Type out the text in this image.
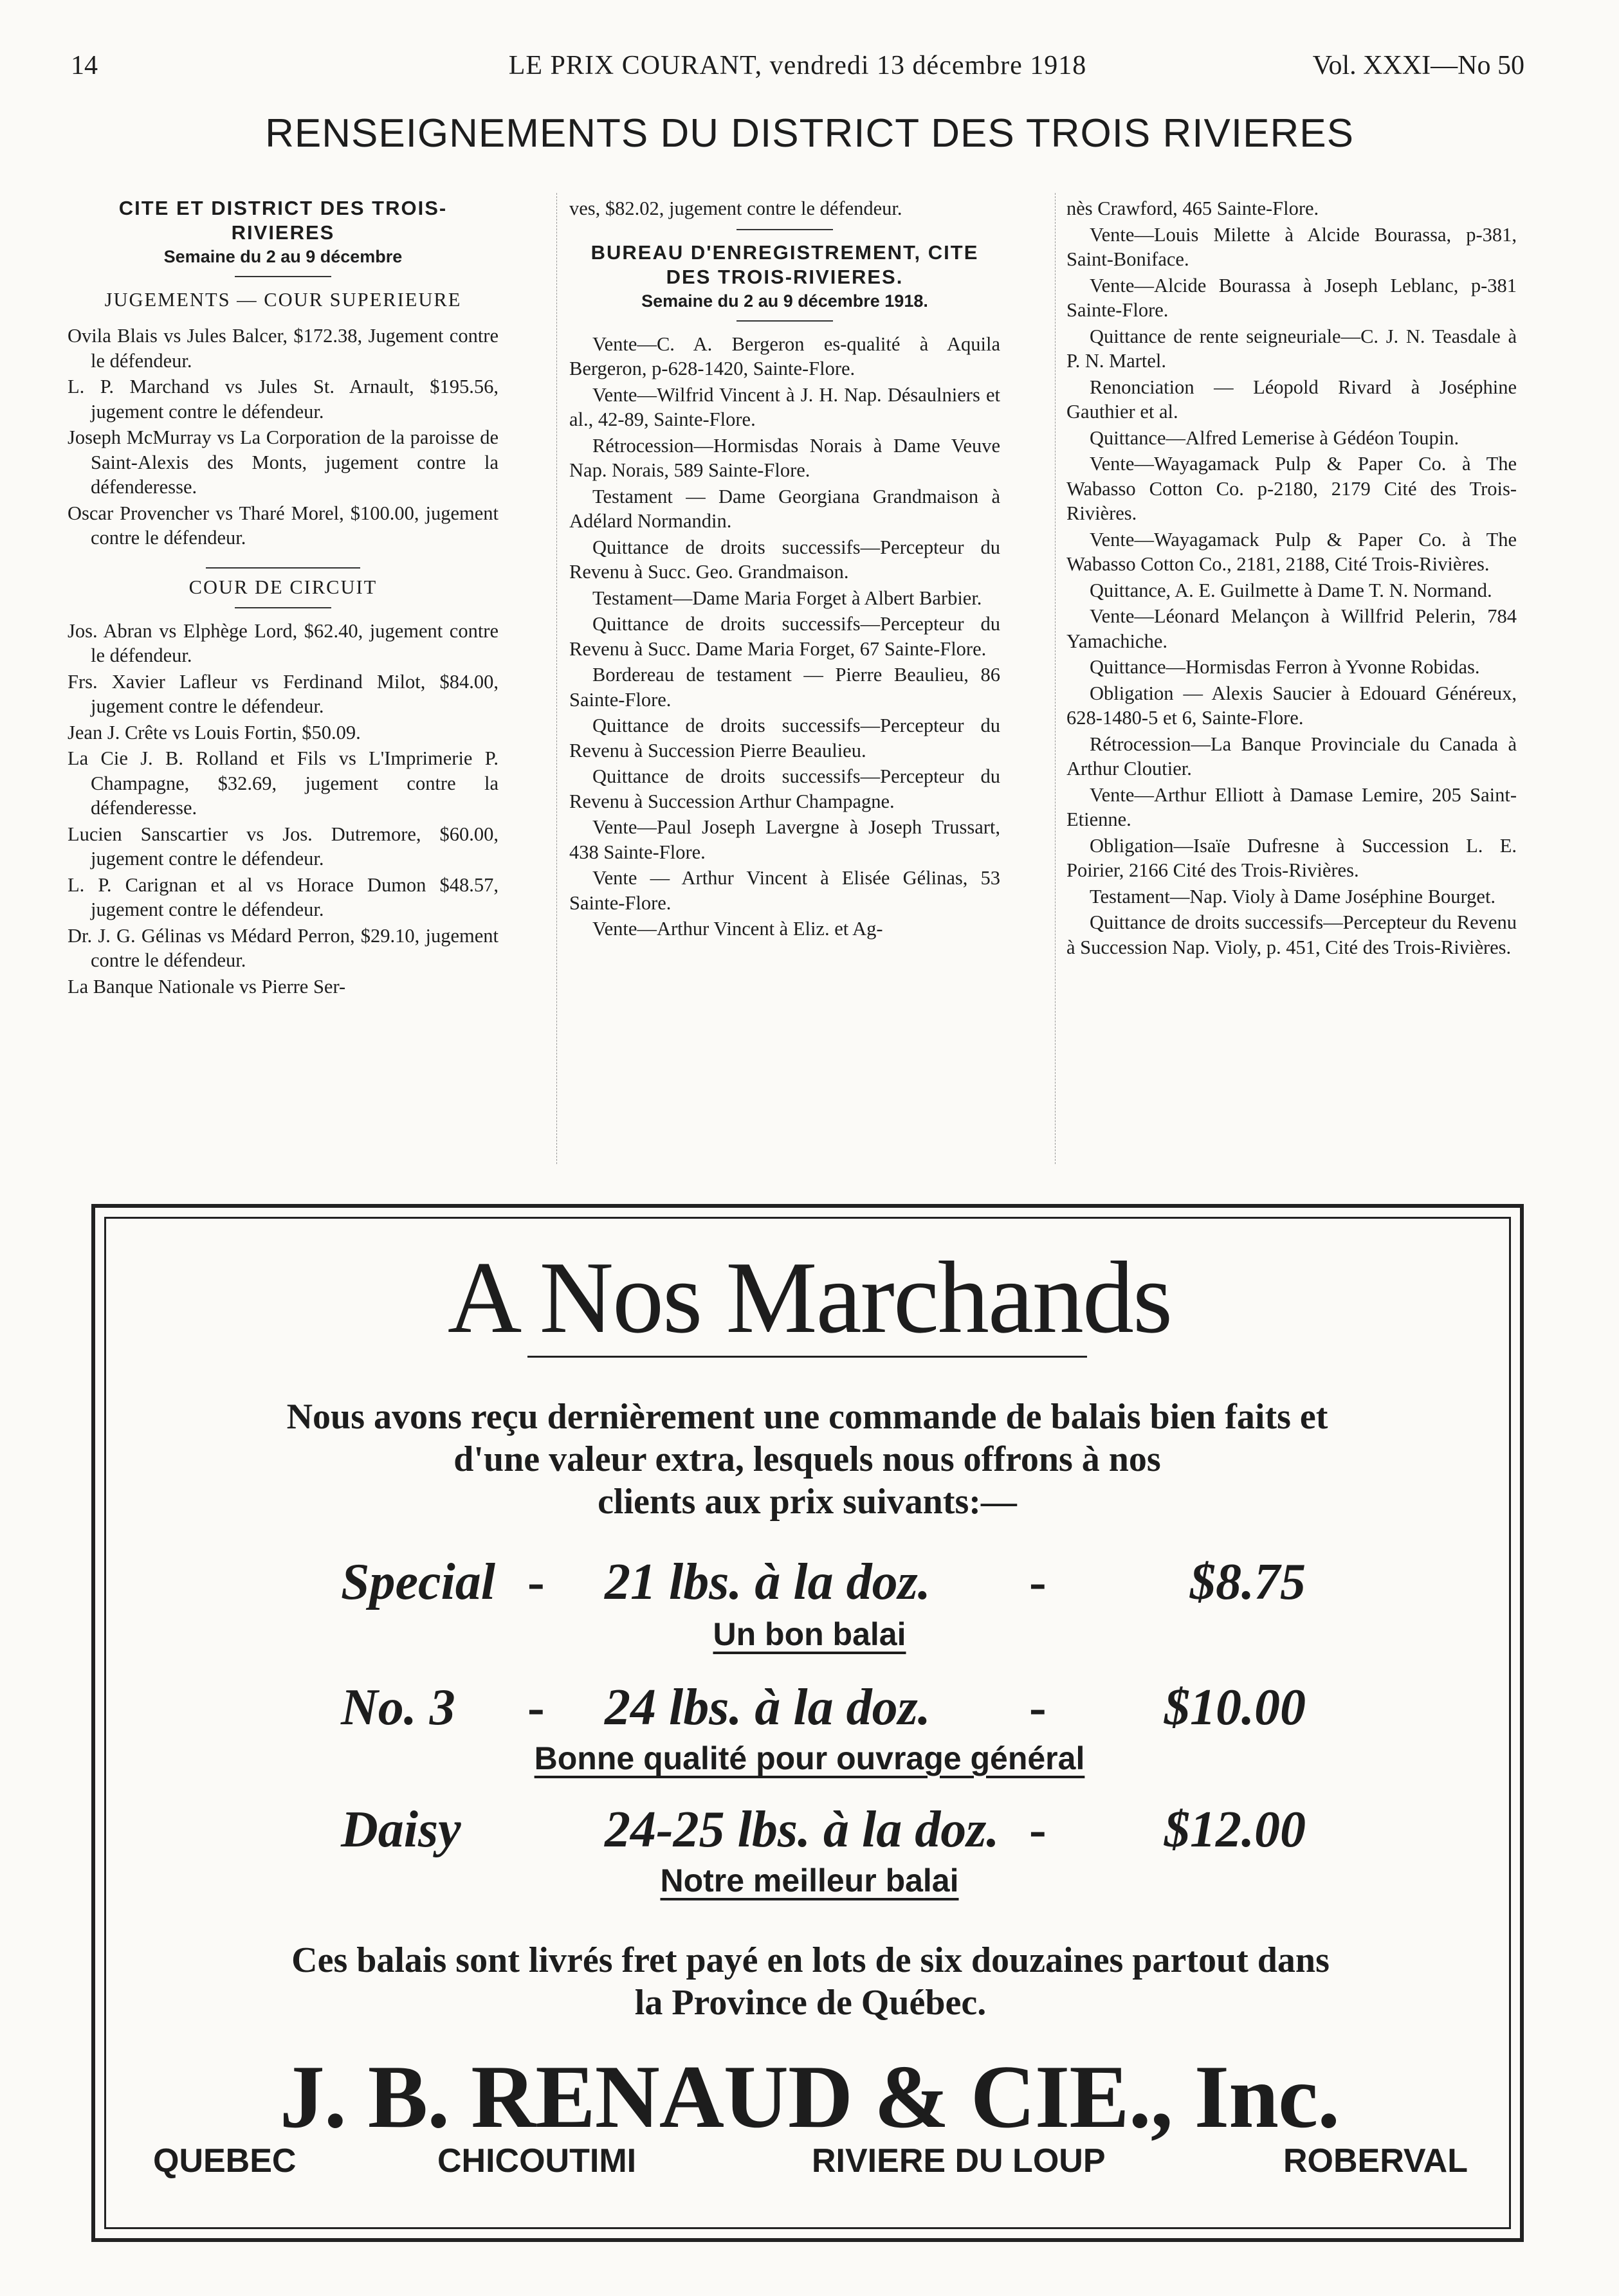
14	LE PRIX COURANT, vendredi 13 décembre 1918	Vol. XXXI—No 50
RENSEIGNEMENTS DU DISTRICT DES TROIS RIVIERES
CITE ET DISTRICT DES TROIS-RIVIERES
Semaine du 2 au 9 décembre
JUGEMENTS — COUR SUPERIEURE

Ovila Blais vs Jules Balcer, $172.38, Jugement contre le défendeur.

L. P. Marchand vs Jules St. Arnault, $195.56, jugement contre le défendeur.

Joseph McMurray vs La Corporation de la paroisse de Saint-Alexis des Monts, jugement contre la défenderesse.

Oscar Provencher vs Tharé Morel, $100.00, jugement contre le défendeur.

COUR DE CIRCUIT

Jos. Abran vs Elphège Lord, $62.40, jugement contre le défendeur.

Frs. Xavier Lafleur vs Ferdinand Milot, $84.00, jugement contre le défendeur.

Jean J. Crête vs Louis Fortin, $50.09.

La Cie J. B. Rolland et Fils vs L'Imprimerie P. Champagne, $32.69, jugement contre la défenderesse.

Lucien Sanscartier vs Jos. Dutremore, $60.00, jugement contre le défendeur.

L. P. Carignan et al vs Horace Dumon $48.57, jugement contre le défendeur.

Dr. J. G. Gélinas vs Médard Perron, $29.10, jugement contre le défendeur.

La Banque Nationale vs Pierre Ser-

ves, $82.02, jugement contre le défendeur.

BUREAU D'ENREGISTREMENT, CITE DES TROIS-RIVIERES.
Semaine du 2 au 9 décembre 1918.

Vente—C. A. Bergeron es-qualité à Aquila Bergeron, p-628-1420, Sainte-Flore.

Vente—Wilfrid Vincent à J. H. Nap. Désaulniers et al., 42-89, Sainte-Flore.

Rétrocession—Hormisdas Norais à Dame Veuve Nap. Norais, 589 Sainte-Flore.

Testament — Dame Georgiana Grandmaison à Adélard Normandin.

Quittance de droits successifs—Percepteur du Revenu à Succ. Geo. Grandmaison.

Testament—Dame Maria Forget à Albert Barbier.

Quittance de droits successifs—Percepteur du Revenu à Succ. Dame Maria Forget, 67 Sainte-Flore.

Bordereau de testament — Pierre Beaulieu, 86 Sainte-Flore.

Quittance de droits successifs—Percepteur du Revenu à Succession Pierre Beaulieu.

Quittance de droits successifs—Percepteur du Revenu à Succession Arthur Champagne.

Vente—Paul Joseph Lavergne à Joseph Trussart, 438 Sainte-Flore.

Vente — Arthur Vincent à Elisée Gélinas, 53 Sainte-Flore.

Vente—Arthur Vincent à Eliz. et Ag-

nès Crawford, 465 Sainte-Flore.

Vente—Louis Milette à Alcide Bourassa, p-381, Saint-Boniface.

Vente—Alcide Bourassa à Joseph Leblanc, p-381 Sainte-Flore.

Quittance de rente seigneuriale—C. J. N. Teasdale à P. N. Martel.

Renonciation — Léopold Rivard à Joséphine Gauthier et al.

Quittance—Alfred Lemerise à Gédéon Toupin.

Vente—Wayagamack Pulp & Paper Co. à The Wabasso Cotton Co. p-2180, 2179 Cité des Trois-Rivières.

Vente—Wayagamack Pulp & Paper Co. à The Wabasso Cotton Co., 2181, 2188, Cité Trois-Rivières.

Quittance, A. E. Guilmette à Dame T. N. Normand.

Vente—Léonard Melançon à Willfrid Pelerin, 784 Yamachiche.

Quittance—Hormisdas Ferron à Yvonne Robidas.

Obligation — Alexis Saucier à Edouard Généreux, 628-1480-5 et 6, Sainte-Flore.

Rétrocession—La Banque Provinciale du Canada à Arthur Cloutier.

Vente—Arthur Elliott à Damase Lemire, 205 Saint-Etienne.

Obligation—Isaïe Dufresne à Succession L. E. Poirier, 2166 Cité des Trois-Rivières.

Testament—Nap. Violy à Dame Joséphine Bourget.

Quittance de droits successifs—Percepteur du Revenu à Succession Nap. Violy, p. 451, Cité des Trois-Rivières.

A Nos Marchands
Nous avons reçu dernièrement une commande de balais bien faits et
d'une valeur extra, lesquels nous offrons à nos
clients aux prix suivants:—
Special - 21 lbs. à la doz. -	$8.75
Un bon balai
No. 3 - 24 lbs. à la doz. - $10.00
Bonne qualité pour ouvrage général
Daisy	24-25 lbs. à la doz. - $12.00
Notre meilleur balai
Ces balais sont livrés fret payé en lots de six douzaines partout dans
la Province de Québec.
J. B. RENAUD & CIE., Inc.
QUEBEC	CHICOUTIMI	RIVIERE DU LOUP	ROBERVAL
